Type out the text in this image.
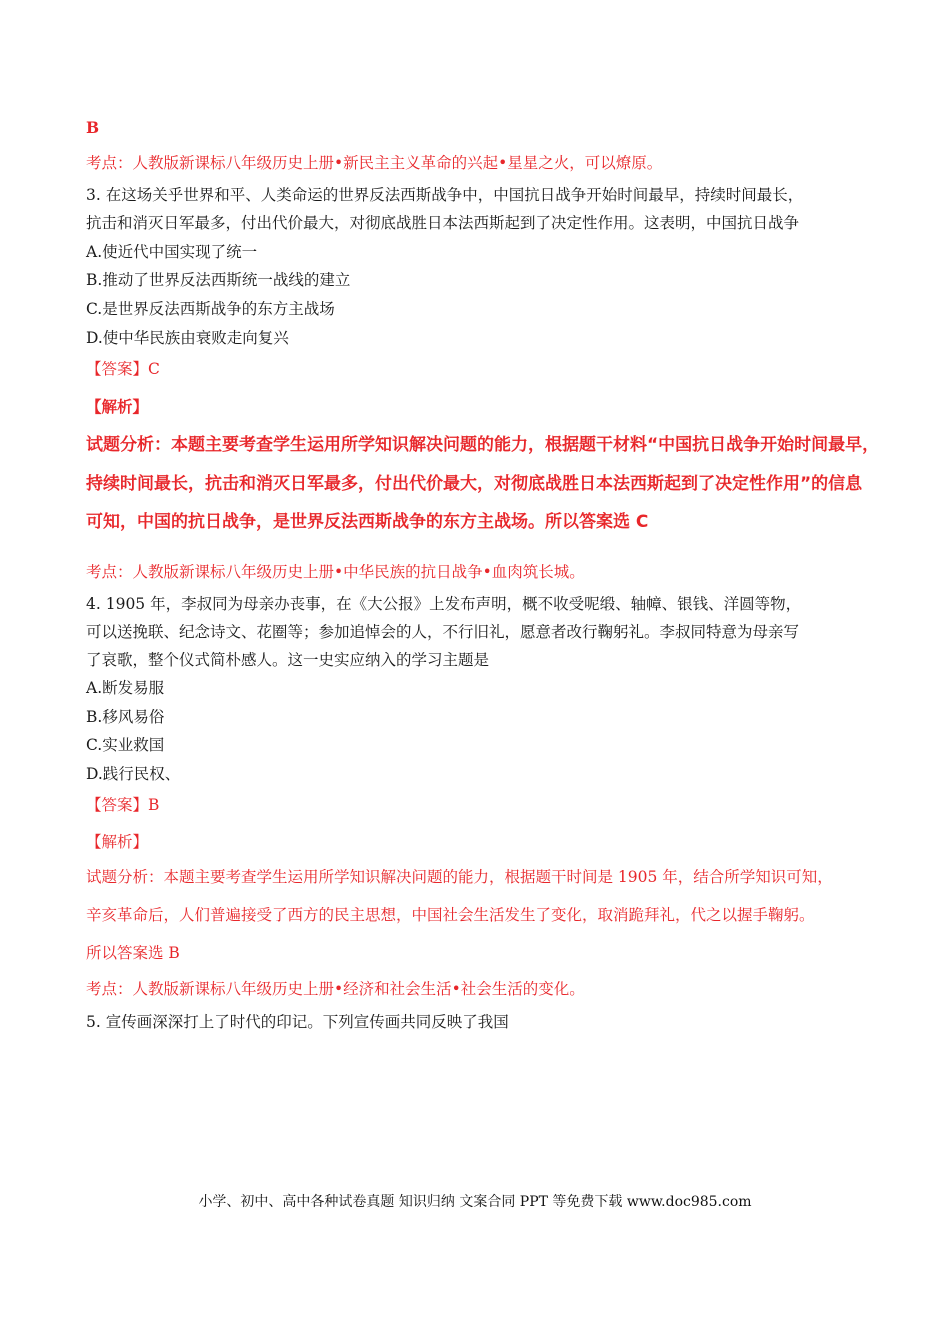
B
考点：人教版新课标八年级历史上册•新民主主义革命的兴起•星星之火，可以燎原。
3. 在这场关乎世界和平、人类命运的世界反法西斯战争中，中国抗日战争开始时间最早，持续时间最长，
抗击和消灭日军最多，付出代价最大，对彻底战胜日本法西斯起到了决定性作用。这表明，中国抗日战争
A.使近代中国实现了统一
B.推动了世界反法西斯统一战线的建立
C.是世界反法西斯战争的东方主战场
D.使中华民族由衰败走向复兴
【答案】C
【解析】
试题分析：本题主要考查学生运用所学知识解决问题的能力，根据题干材料“中国抗日战争开始时间最早，
持续时间最长，抗击和消灭日军最多，付出代价最大，对彻底战胜日本法西斯起到了决定性作用”的信息
可知，中国的抗日战争，是世界反法西斯战争的东方主战场。所以答案选 C
考点：人教版新课标八年级历史上册•中华民族的抗日战争•血肉筑长城。
4. 1905 年，李叔同为母亲办丧事，在《大公报》上发布声明，概不收受呢缎、轴幛、银钱、洋圆等物，
可以送挽联、纪念诗文、花圈等；参加追悼会的人，不行旧礼，愿意者改行鞠躬礼。李叔同特意为母亲写
了哀歌，整个仪式简朴感人。这一史实应纳入的学习主题是
A.断发易服
B.移风易俗
C.实业救国
D.践行民权、
【答案】B
【解析】
试题分析：本题主要考查学生运用所学知识解决问题的能力，根据题干时间是 1905 年，结合所学知识可知，
辛亥革命后，人们普遍接受了西方的民主思想，中国社会生活发生了变化，取消跪拜礼，代之以握手鞠躬。
所以答案选 B
考点：人教版新课标八年级历史上册•经济和社会生活•社会生活的变化。
5. 宣传画深深打上了时代的印记。下列宣传画共同反映了我国
小学、初中、高中各种试卷真题 知识归纳 文案合同 PPT 等免费下载 www.doc985.com
